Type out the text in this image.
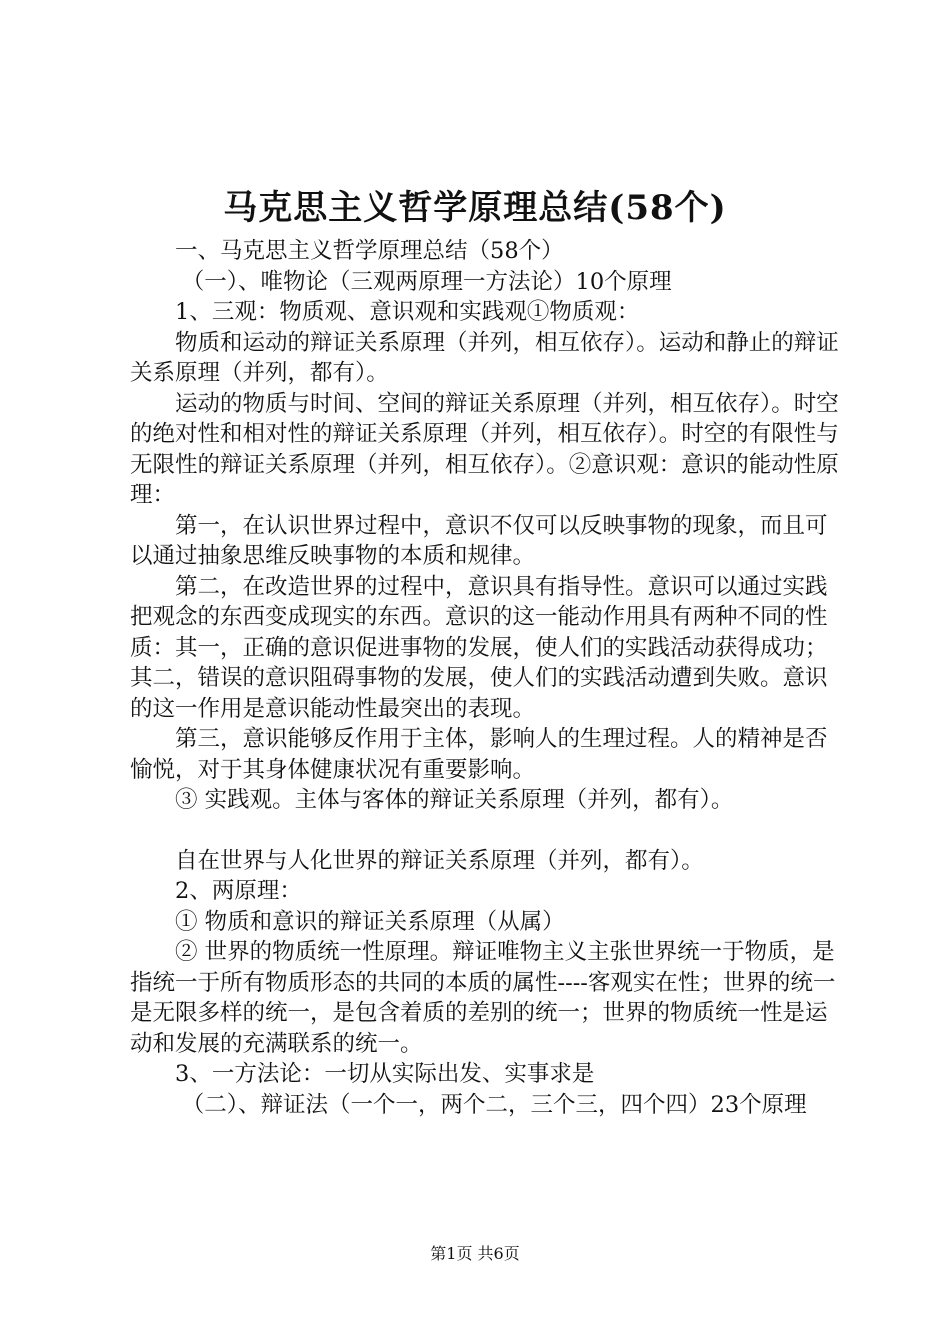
马克思主义哲学原理总结(58个)

一、马克思主义哲学原理总结（58个）

（一）、唯物论（三观两原理一方法论）10个原理

1、三观：物质观、意识观和实践观①物质观：

物质和运动的辩证关系原理（并列，相互依存）。运动和静止的辩证关系原理（并列，都有）。

运动的物质与时间、空间的辩证关系原理（并列，相互依存）。时空的绝对性和相对性的辩证关系原理（并列，相互依存）。时空的有限性与无限性的辩证关系原理（并列，相互依存）。②意识观：意识的能动性原理：

第一，在认识世界过程中，意识不仅可以反映事物的现象，而且可以通过抽象思维反映事物的本质和规律。

第二，在改造世界的过程中，意识具有指导性。意识可以通过实践把观念的东西变成现实的东西。意识的这一能动作用具有两种不同的性质：其一，正确的意识促进事物的发展，使人们的实践活动获得成功；其二，错误的意识阻碍事物的发展，使人们的实践活动遭到失败。意识的这一作用是意识能动性最突出的表现。

第三，意识能够反作用于主体，影响人的生理过程。人的精神是否愉悦，对于其身体健康状况有重要影响。

③ 实践观。主体与客体的辩证关系原理（并列，都有）。

自在世界与人化世界的辩证关系原理（并列，都有）。

2、两原理：

① 物质和意识的辩证关系原理（从属）

② 世界的物质统一性原理。辩证唯物主义主张世界统一于物质，是指统一于所有物质形态的共同的本质的属性----客观实在性；世界的统一是无限多样的统一，是包含着质的差别的统一；世界的物质统一性是运动和发展的充满联系的统一。

3、一方法论：一切从实际出发、实事求是

（二）、辩证法（一个一，两个二，三个三，四个四）23个原理

第1页 共6页
